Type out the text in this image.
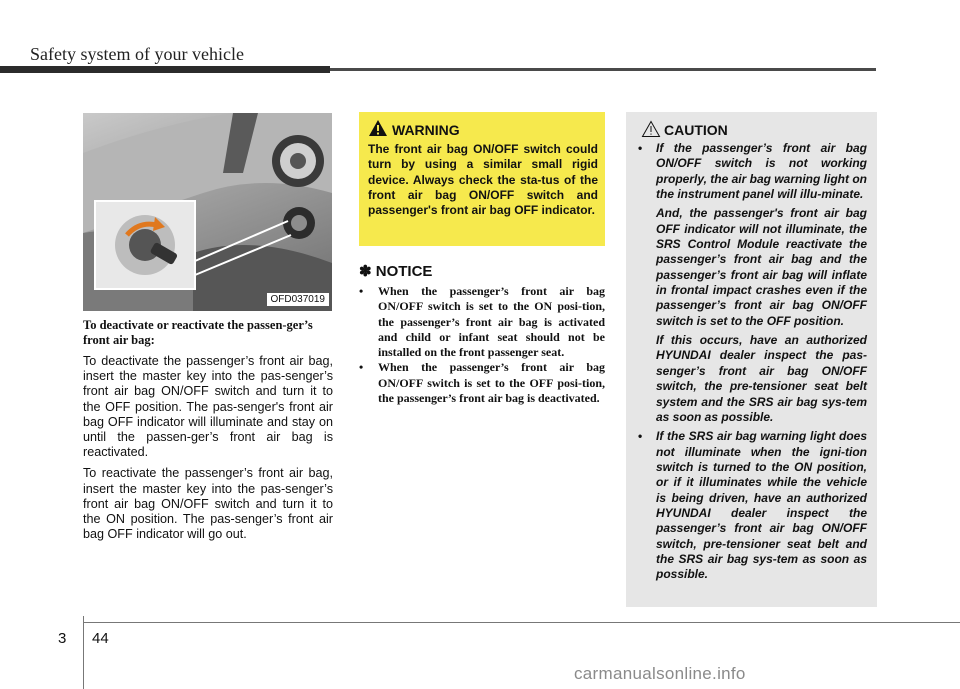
Safety system of your vehicle
OFD037019
To deactivate or reactivate the passen-ger’s front air bag:

To deactivate the passenger’s front air bag, insert the master key into the pas-senger’s front air bag ON/OFF switch and turn it to the OFF position. The pas-senger's front air bag OFF indicator will illuminate and stay on until the passen-ger’s front air bag is reactivated.

To reactivate the passenger’s front air bag, insert the master key into the pas-senger’s front air bag ON/OFF switch and turn it to the ON position. The pas-senger’s front air bag OFF indicator will go out.

WARNING
The front air bag ON/OFF switch could turn by using a similar small rigid device. Always check the sta-tus of the front air bag ON/OFF switch and passenger's front air bag OFF indicator.
✽ NOTICE
• When the passenger’s front air bag ON/OFF switch is set to the ON posi-tion, the passenger’s front air bag is activated and child or infant seat should not be installed on the front passenger seat.
• When the passenger’s front air bag ON/OFF switch is set to the OFF posi-tion, the passenger’s front air bag is deactivated.
CAUTION
• If the passenger’s front air bag ON/OFF switch is not working properly, the air bag warning light on the instrument panel will illu-minate.

And, the passenger's front air bag OFF indicator will not illuminate, the SRS Control Module reactivate the passenger’s front air bag and the passenger’s front air bag will inflate in frontal impact crashes even if the passenger’s front air bag ON/OFF switch is set to the OFF position.

If this occurs, have an authorized HYUNDAI dealer inspect the pas-senger’s front air bag ON/OFF switch, the pre-tensioner seat belt system and the SRS air bag sys-tem as soon as possible.

• If the SRS air bag warning light does not illuminate when the igni-tion switch is turned to the ON position, or if it illuminates while the vehicle is being driven, have an authorized HYUNDAI dealer inspect the passenger’s front air bag ON/OFF switch, pre-tensioner seat belt and the SRS air bag sys-tem as soon as possible.

3 44
carmanualsonline.info
